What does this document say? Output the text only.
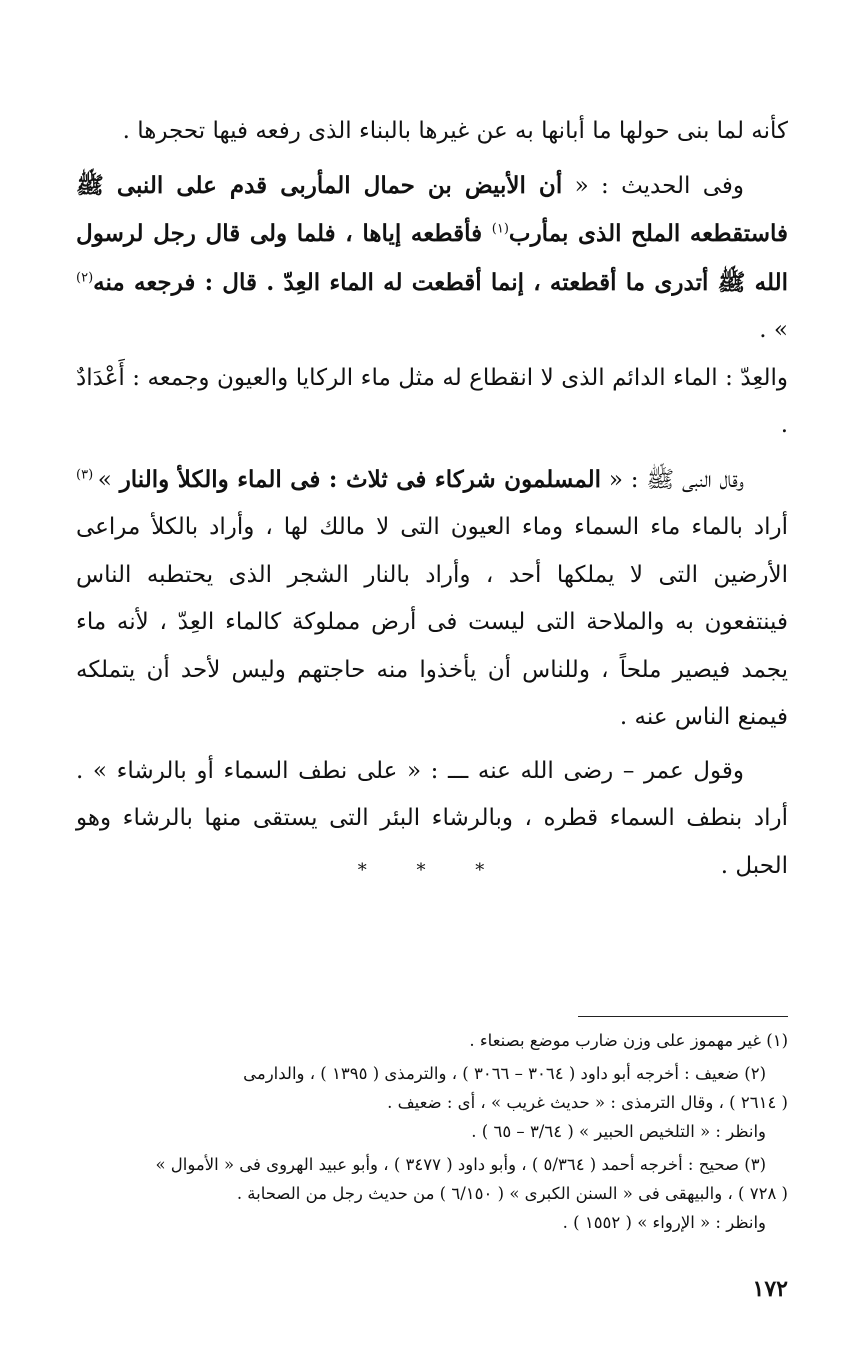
كأنه لما بنى حولها ما أبانها به عن غيرها بالبناء الذى رفعه فيها تحجرها .

وفى الحديث : « أن الأبيض بن حمال المأربى قدم على النبى ﷺ فاستقطعه الملح الذى بمأرب$^{(١)}$ فأقطعه إياها ، فلما ولى قال رجل لرسول الله ﷺ أتدرى ما أقطعته ، إنما أقطعت له الماء العِدّ . قال : فرجعه منه$^{(٢)}$ » .

والعِدّ : الماء الدائم الذى لا انقطاع له مثل ماء الركايا والعيون وجمعه : أَعْدَادٌ .

وقال النبى ﷺ : « المسلمون شركاء فى ثلاث : فى الماء والكلأ والنار » $^{(٣)}$ أراد بالماء ماء السماء وماء العيون التى لا مالك لها ، وأراد بالكلأ مراعى الأرضين التى لا يملكها أحد ، وأراد بالنار الشجر الذى يحتطبه الناس فينتفعون به والملاحة التى ليست فى أرض مملوكة كالماء العِدّ ، لأنه ماء يجمد فيصير ملحاً ، وللناس أن يأخذوا منه حاجتهم وليس لأحد أن يتملكه فيمنع الناس عنه .

وقول عمر – رضى الله عنه ـــ : « على نطف السماء أو بالرشاء » . أراد بنطف السماء قطره ، وبالرشاء البئر التى يستقى منها بالرشاء وهو الحبل .

* * *

(١) غير مهموز على وزن ضارب موضع بصنعاء .

(٢) ضعيف : أخرجه أبو داود ( ٣٠٦٤ – ٣٠٦٦ ) ، والترمذى ( ١٣٩٥ ) ، والدارمى

( ٢٦١٤ ) ، وقال الترمذى : « حديث غريب » ، أى : ضعيف .

وانظر : « التلخيص الحبير » ( ٣/٦٤ – ٦٥ ) .

(٣) صحيح : أخرجه أحمد ( ٥/٣٦٤ ) ، وأبو داود ( ٣٤٧٧ ) ، وأبو عبيد الهروى فى « الأموال »

( ٧٢٨ ) ، والبيهقى فى « السنن الكبرى » ( ٦/١٥٠ ) من حديث رجل من الصحابة .

وانظر : « الإرواء » ( ١٥٥٢ ) .

١٧٢
